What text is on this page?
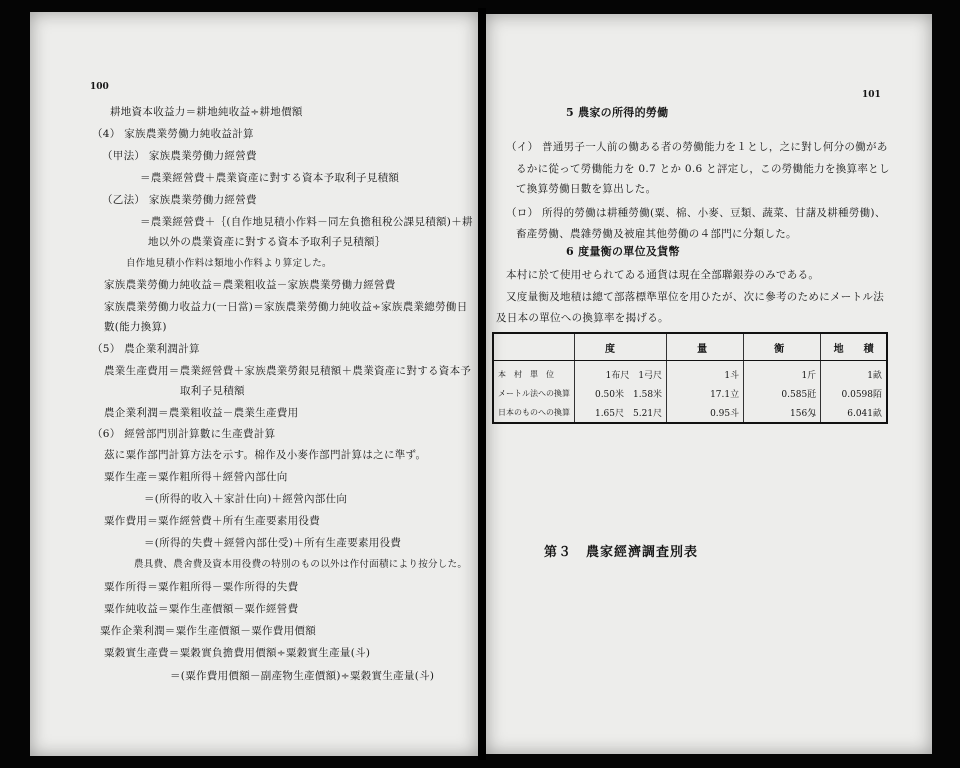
100
耕地資本收益力＝耕地純收益÷耕地價額
（4） 家族農業勞働力純收益計算
（甲法） 家族農業勞働力經營費
＝農業經營費＋農業資產に對する資本予取利子見積額
（乙法） 家族農業勞働力經營費
＝農業經營費＋｛(自作地見積小作料－同左負擔租稅公課見積額)＋耕
地以外の農業資產に對する資本予取利子見積額｝
自作地見積小作料は類地小作料より算定した。
家族農業勞働力純收益＝農業粗收益－家族農業勞働力經營費
家族農業勞働力收益力(一日當)＝家族農業勞働力純收益÷家族農業總勞働日
數(能力換算)
（5） 農企業利潤計算
農業生產費用＝農業經營費＋家族農業勞銀見積額＋農業資產に對する資本予
取利子見積額
農企業利潤＝農業粗收益－農業生產費用
（6） 經營部門別計算數に生產費計算
茲に粟作部門計算方法を示す。棉作及小麥作部門計算は之に準ず。
粟作生產＝粟作粗所得＋經營內部仕向
＝(所得的收入＋家計仕向)＋經營內部仕向
粟作費用＝粟作經營費＋所有生產要素用役費
＝(所得的失費＋經營內部仕受)＋所有生產要素用役費
農具費、農舍費及資本用役費の特別のもの以外は作付面積により按分した。
粟作所得＝粟作粗所得－粟作所得的失費
粟作純收益＝粟作生產價額－粟作經營費
粟作企業利潤＝粟作生產價額－粟作費用價額
粟穀實生產費＝粟穀實負擔費用價額÷粟穀實生產量(斗)
＝(粟作費用價額－副產物生產價額)÷粟穀實生產量(斗)
101
5 農家の所得的勞働
（イ） 普通男子一人前の働ある者の勞働能力を１とし，之に對し何分の働があ
るかに從って勞働能力を 0.7 とか 0.6 と評定し，この勞働能力を換算率とし
て換算勞働日數を算出した。
（ロ） 所得的勞働は耕種勞働(粟、棉、小麥、豆類、蔬菜、甘藷及耕種勞働)、
畜產勞働、農雜勞働及被雇其他勞働の４部門に分類した。
6 度量衡の單位及貨幣
本村に於て使用せられてゐる通貨は現在全部聯銀券のみである。
又度量衡及地積は總て部落標準單位を用ひたが、次に參考のためにメートル法
及日本の單位への換算率を揭げる。
	度	量	衡	地　　積
本　村　單　位	1布尺　1弓尺	1斗	1斤	1畝
メートル法への換算	0.50米　1.58米	17.1立	0.585瓩	0.0598陌
日本のものへの換算	1.65尺　5.21尺	0.95斗	156匁	6.041畝
第３　農家經濟調査別表
